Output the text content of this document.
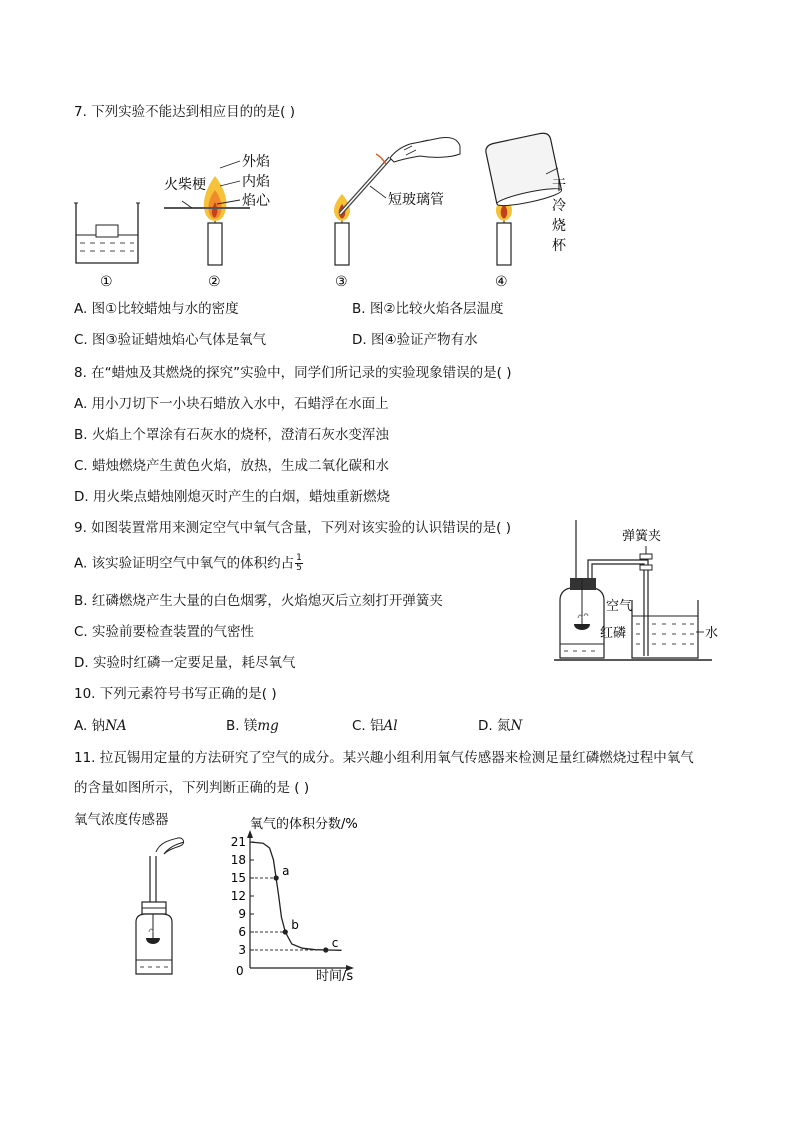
7. 下列实验不能达到相应目的的是( )
①
外焰
内焰
焰心
火柴梗
②
短玻璃管
③
干
冷
烧
杯
④
A. 图①比较蜡烛与水的密度	B. 图②比较火焰各层温度
C. 图③验证蜡烛焰心气体是氧气	D. 图④验证产物有水
8. 在“蜡烛及其燃烧的探究”实验中，同学们所记录的实验现象错误的是( )
A. 用小刀切下一小块石蜡放入水中，石蜡浮在水面上
B. 火焰上个罩涂有石灰水的烧杯，澄清石灰水变浑浊
C. 蜡烛燃烧产生黄色火焰，放热，生成二氧化碳和水
D. 用火柴点蜡烛刚熄灭时产生的白烟，蜡烛重新燃烧
9. 如图装置常用来测定空气中氧气含量，下列对该实验的认识错误的是( )
A. 该实验证明空气中氧气的体积约占 $\frac{1}{5}$
B. 红磷燃烧产生大量的白色烟雾，火焰熄灭后立刻打开弹簧夹
C. 实验前要检查装置的气密性
D. 实验时红磷一定要足量，耗尽氧气
弹簧夹
空气
红磷	水
10. 下列元素符号书写正确的是( )
A. 钠NA	B. 镁mg	C. 铝Al	D. 氮N
11. 拉瓦锡用定量的方法研究了空气的成分。某兴趣小组利用氧气传感器来检测足量红磷燃烧过程中氧气
的含量如图所示，下列判断正确的是 ( )
氧气浓度传感器
21
18
15
12
9
6
3
a
b
c
氧气的体积分数/%
时间/s
0
